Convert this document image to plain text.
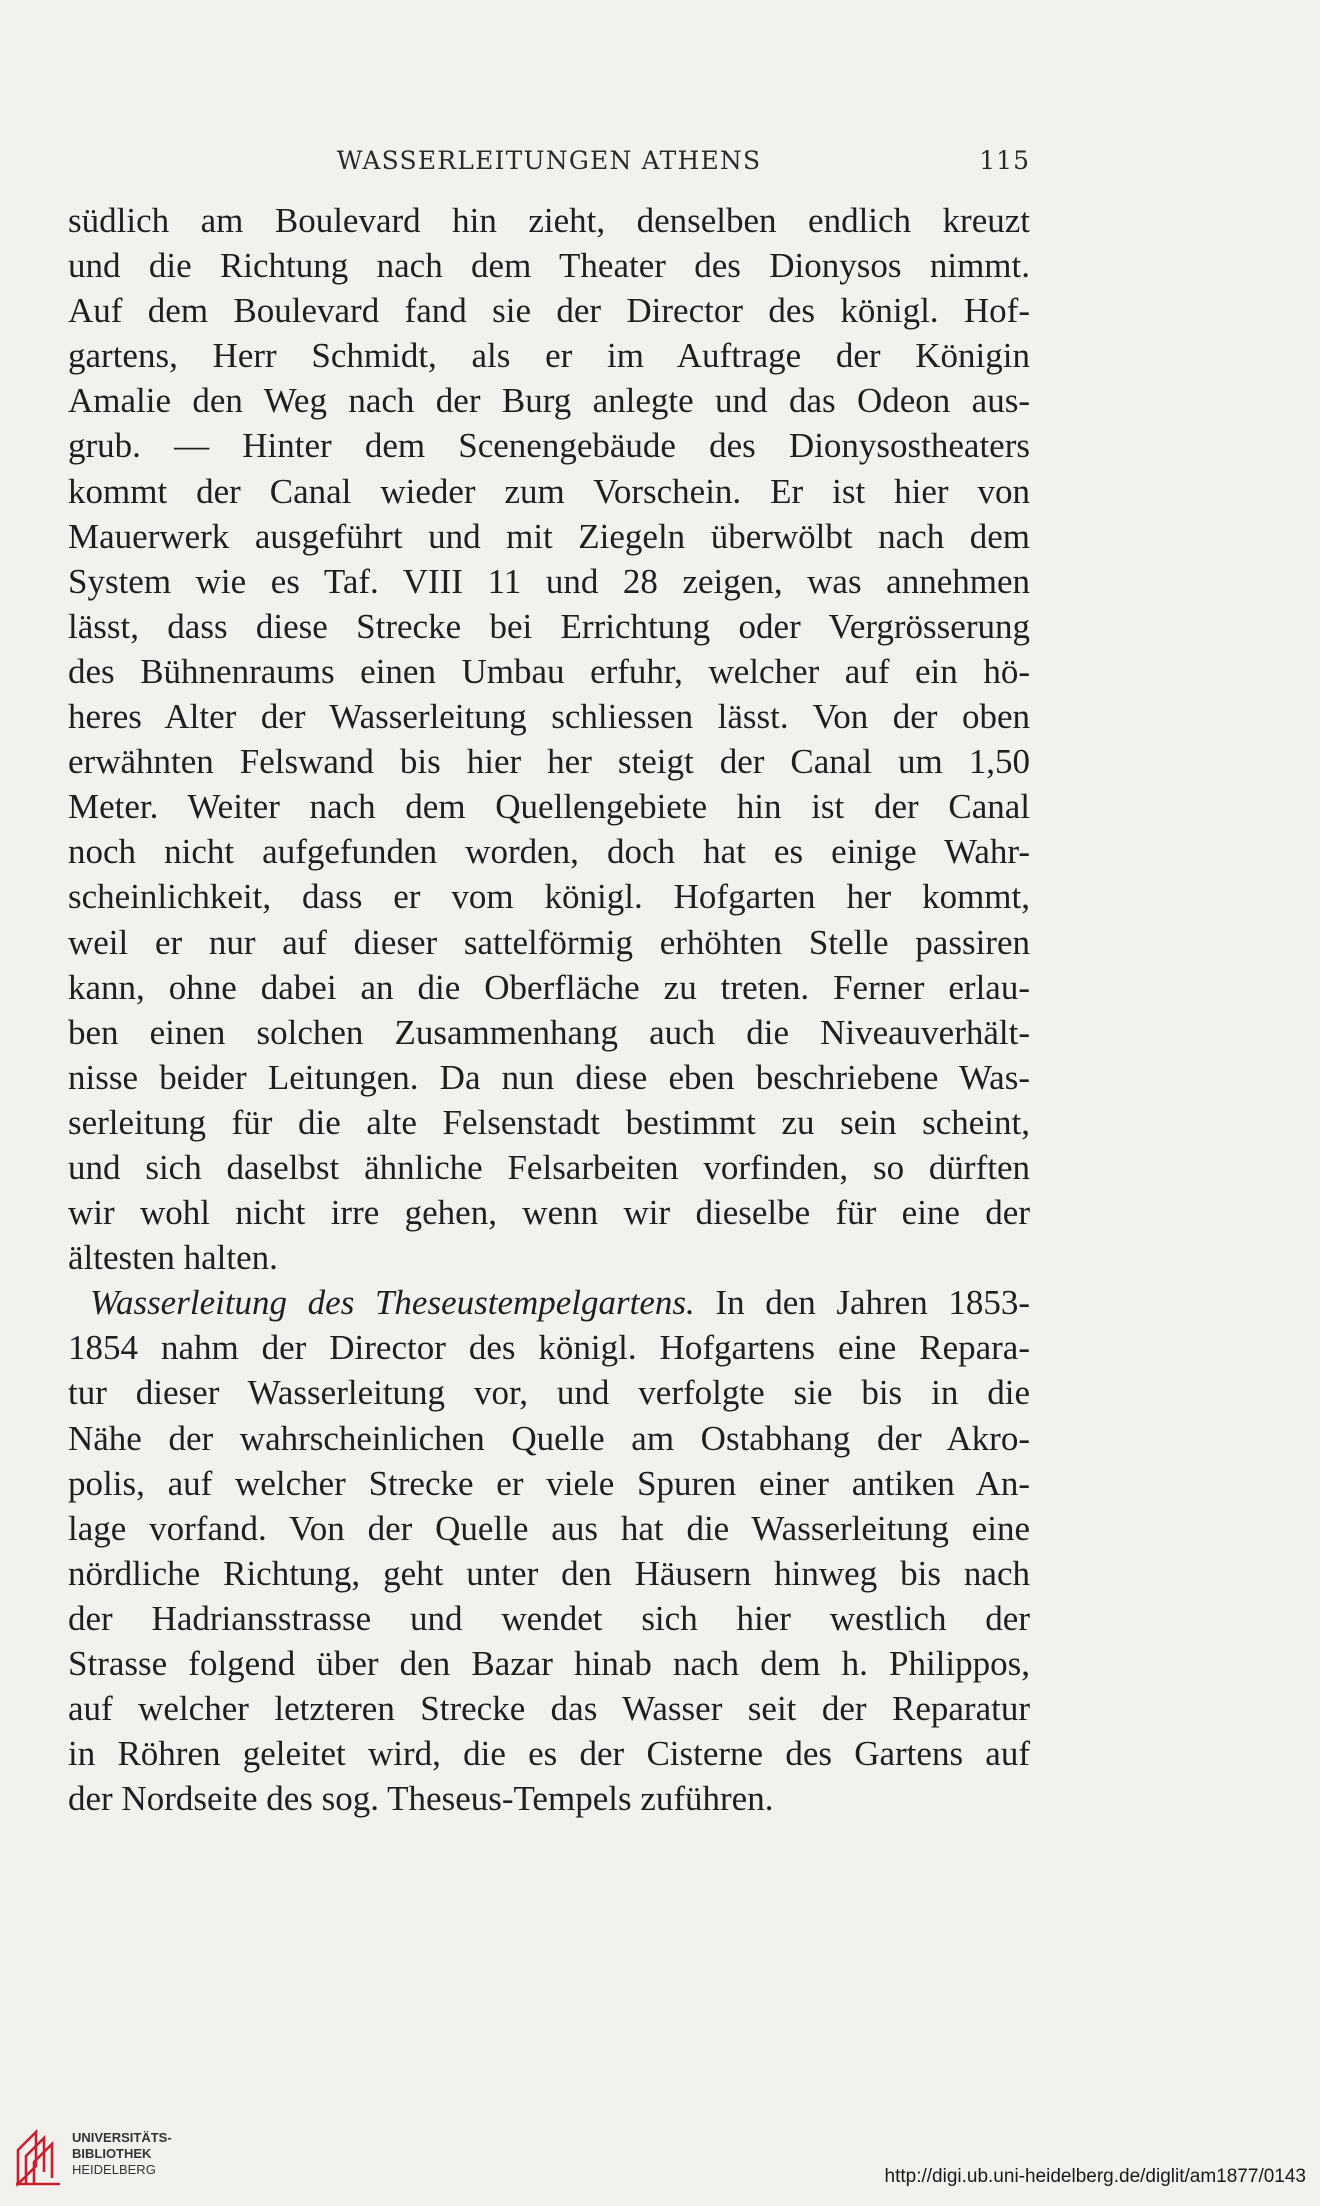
WASSERLEITUNGEN ATHENS	115
südlich am Boulevard hin zieht, denselben endlich kreuzt
und die Richtung nach dem Theater des Dionysos nimmt.
Auf dem Boulevard fand sie der Director des königl. Hof-
gartens, Herr Schmidt, als er im Auftrage der Königin
Amalie den Weg nach der Burg anlegte und das Odeon aus-
grub. — Hinter dem Scenengebäude des Dionysostheaters
kommt der Canal wieder zum Vorschein. Er ist hier von
Mauerwerk ausgeführt und mit Ziegeln überwölbt nach dem
System wie es Taf. VIII 11 und 28 zeigen, was annehmen
lässt, dass diese Strecke bei Errichtung oder Vergrösserung
des Bühnenraums einen Umbau erfuhr, welcher auf ein hö-
heres Alter der Wasserleitung schliessen lässt. Von der oben
erwähnten Felswand bis hier her steigt der Canal um 1,50
Meter. Weiter nach dem Quellengebiete hin ist der Canal
noch nicht aufgefunden worden, doch hat es einige Wahr-
scheinlichkeit, dass er vom königl. Hofgarten her kommt,
weil er nur auf dieser sattelförmig erhöhten Stelle passiren
kann, ohne dabei an die Oberfläche zu treten. Ferner erlau-
ben einen solchen Zusammenhang auch die Niveauverhält-
nisse beider Leitungen. Da nun diese eben beschriebene Was-
serleitung für die alte Felsenstadt bestimmt zu sein scheint,
und sich daselbst ähnliche Felsarbeiten vorfinden, so dürften
wir wohl nicht irre gehen, wenn wir dieselbe für eine der
ältesten halten.
Wasserleitung des Theseustempelgartens. In den Jahren 1853-
1854 nahm der Director des königl. Hofgartens eine Repara-
tur dieser Wasserleitung vor, und verfolgte sie bis in die
Nähe der wahrscheinlichen Quelle am Ostabhang der Akro-
polis, auf welcher Strecke er viele Spuren einer antiken An-
lage vorfand. Von der Quelle aus hat die Wasserleitung eine
nördliche Richtung, geht unter den Häusern hinweg bis nach
der Hadriansstrasse und wendet sich hier westlich der
Strasse folgend über den Bazar hinab nach dem h. Philippos,
auf welcher letzteren Strecke das Wasser seit der Reparatur
in Röhren geleitet wird, die es der Cisterne des Gartens auf
der Nordseite des sog. Theseus-Tempels zuführen.
UNIVERSITÄTS-
BIBLIOTHEK
HEIDELBERG	http://digi.ub.uni-heidelberg.de/diglit/am1877/0143
